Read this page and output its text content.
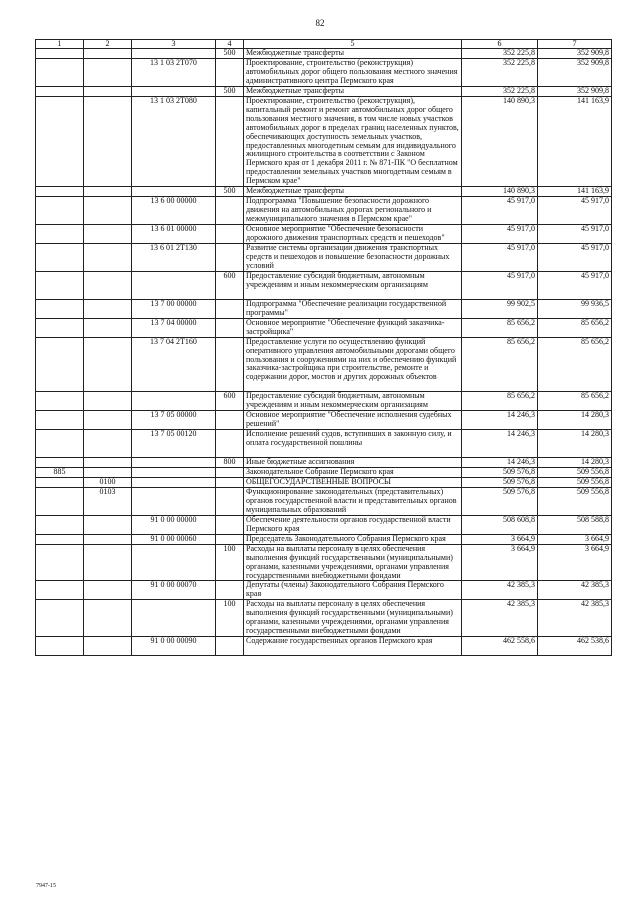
82
1	2	3	4	5	6	7
			500	Межбюджетные трансферты	352 225,8	352 909,8
		13 1 03 2Т070		Проектирование, строительство (реконструкция) автомобильных дорог общего пользования местного значения административного центра Пермского края	352 225,8	352 909,8
			500	Межбюджетные трансферты	352 225,8	352 909,8
		13 1 03 2Т080		Проектирование, строительство (реконструкция), капитальный ремонт и ремонт автомобильных дорог общего пользования местного значения, в том числе новых участков автомобильных дорог в пределах границ населенных пунктов, обеспечивающих доступность земельных участков, предоставленных многодетным семьям для индивидуального жилищного строительства в соответствии с Законом Пермского края от 1 декабря 2011 г. № 871-ПК "О бесплатном предоставлении земельных участков многодетным семьям в Пермском крае"	140 890,3	141 163,9
			500	Межбюджетные трансферты	140 890,3	141 163,9
		13 6 00 00000		Подпрограмма "Повышение безопасности дорожного движения на автомобильных дорогах регионального и межмуниципального значения в Пермском крае"	45 917,0	45 917,0
		13 6 01 00000		Основное мероприятие "Обеспечение безопасности дорожного движения транспортных средств и пешеходов"	45 917,0	45 917,0
		13 6 01 2Т130		Развитие системы организации движения транспортных средств и пешеходов и повышение безопасности дорожных условий	45 917,0	45 917,0
			600	Предоставление субсидий бюджетным, автономным учреждениям и иным некоммерческим организациям	45 917,0	45 917,0
		13 7 00 00000		Подпрограмма "Обеспечение реализации государственной программы"	99 902,5	99 936,5
		13 7 04 00000		Основное мероприятие "Обеспечение функций заказчика-застройщика"	85 656,2	85 656,2
		13 7 04 2Т160		Предоставление услуги по осуществлению функций оперативного управления автомобильными дорогами общего пользования и сооружениями на них и обеспечению функций заказчика-застройщика при строительстве, ремонте и содержании дорог, мостов и других дорожных объектов	85 656,2	85 656,2
			600	Предоставление субсидий бюджетным, автономным учреждениям и иным некоммерческим организациям	85 656,2	85 656,2
		13 7 05 00000		Основное мероприятие "Обеспечение исполнения судебных решений"	14 246,3	14 280,3
		13 7 05 00120		Исполнение решений судов, вступивших в законную силу, и оплата государственной пошлины	14 246,3	14 280,3
			800	Иные бюджетные ассигнования	14 246,3	14 280,3
885				Законодательное Собрание Пермского края	509 576,8	509 556,8
	0100			ОБЩЕГОСУДАРСТВЕННЫЕ ВОПРОСЫ	509 576,8	509 556,8
	0103			Функционирование законодательных (представительных) органов государственной власти и представительных органов муниципальных образований	509 576,8	509 556,8
		91 0 00 00000		Обеспечение деятельности органов государственной власти Пермского края	508 608,8	508 588,8
		91 0 00 00060		Председатель Законодательного Собрания Пермского края	3 664,9	3 664,9
			100	Расходы на выплаты персоналу в целях обеспечения выполнения функций государственными (муниципальными) органами, казенными учреждениями, органами управления государственными внебюджетными фондами	3 664,9	3 664,9
		91 0 00 00070		Депутаты (члены) Законодательного Собрания Пермского края	42 385,3	42 385,3
			100	Расходы на выплаты персоналу в целях обеспечения выполнения функций государственными (муниципальными) органами, казенными учреждениями, органами управления государственными внебюджетными фондами	42 385,3	42 385,3
		91 0 00 00090		Содержание государственных органов Пермского края	462 558,6	462 538,6
7947-15
